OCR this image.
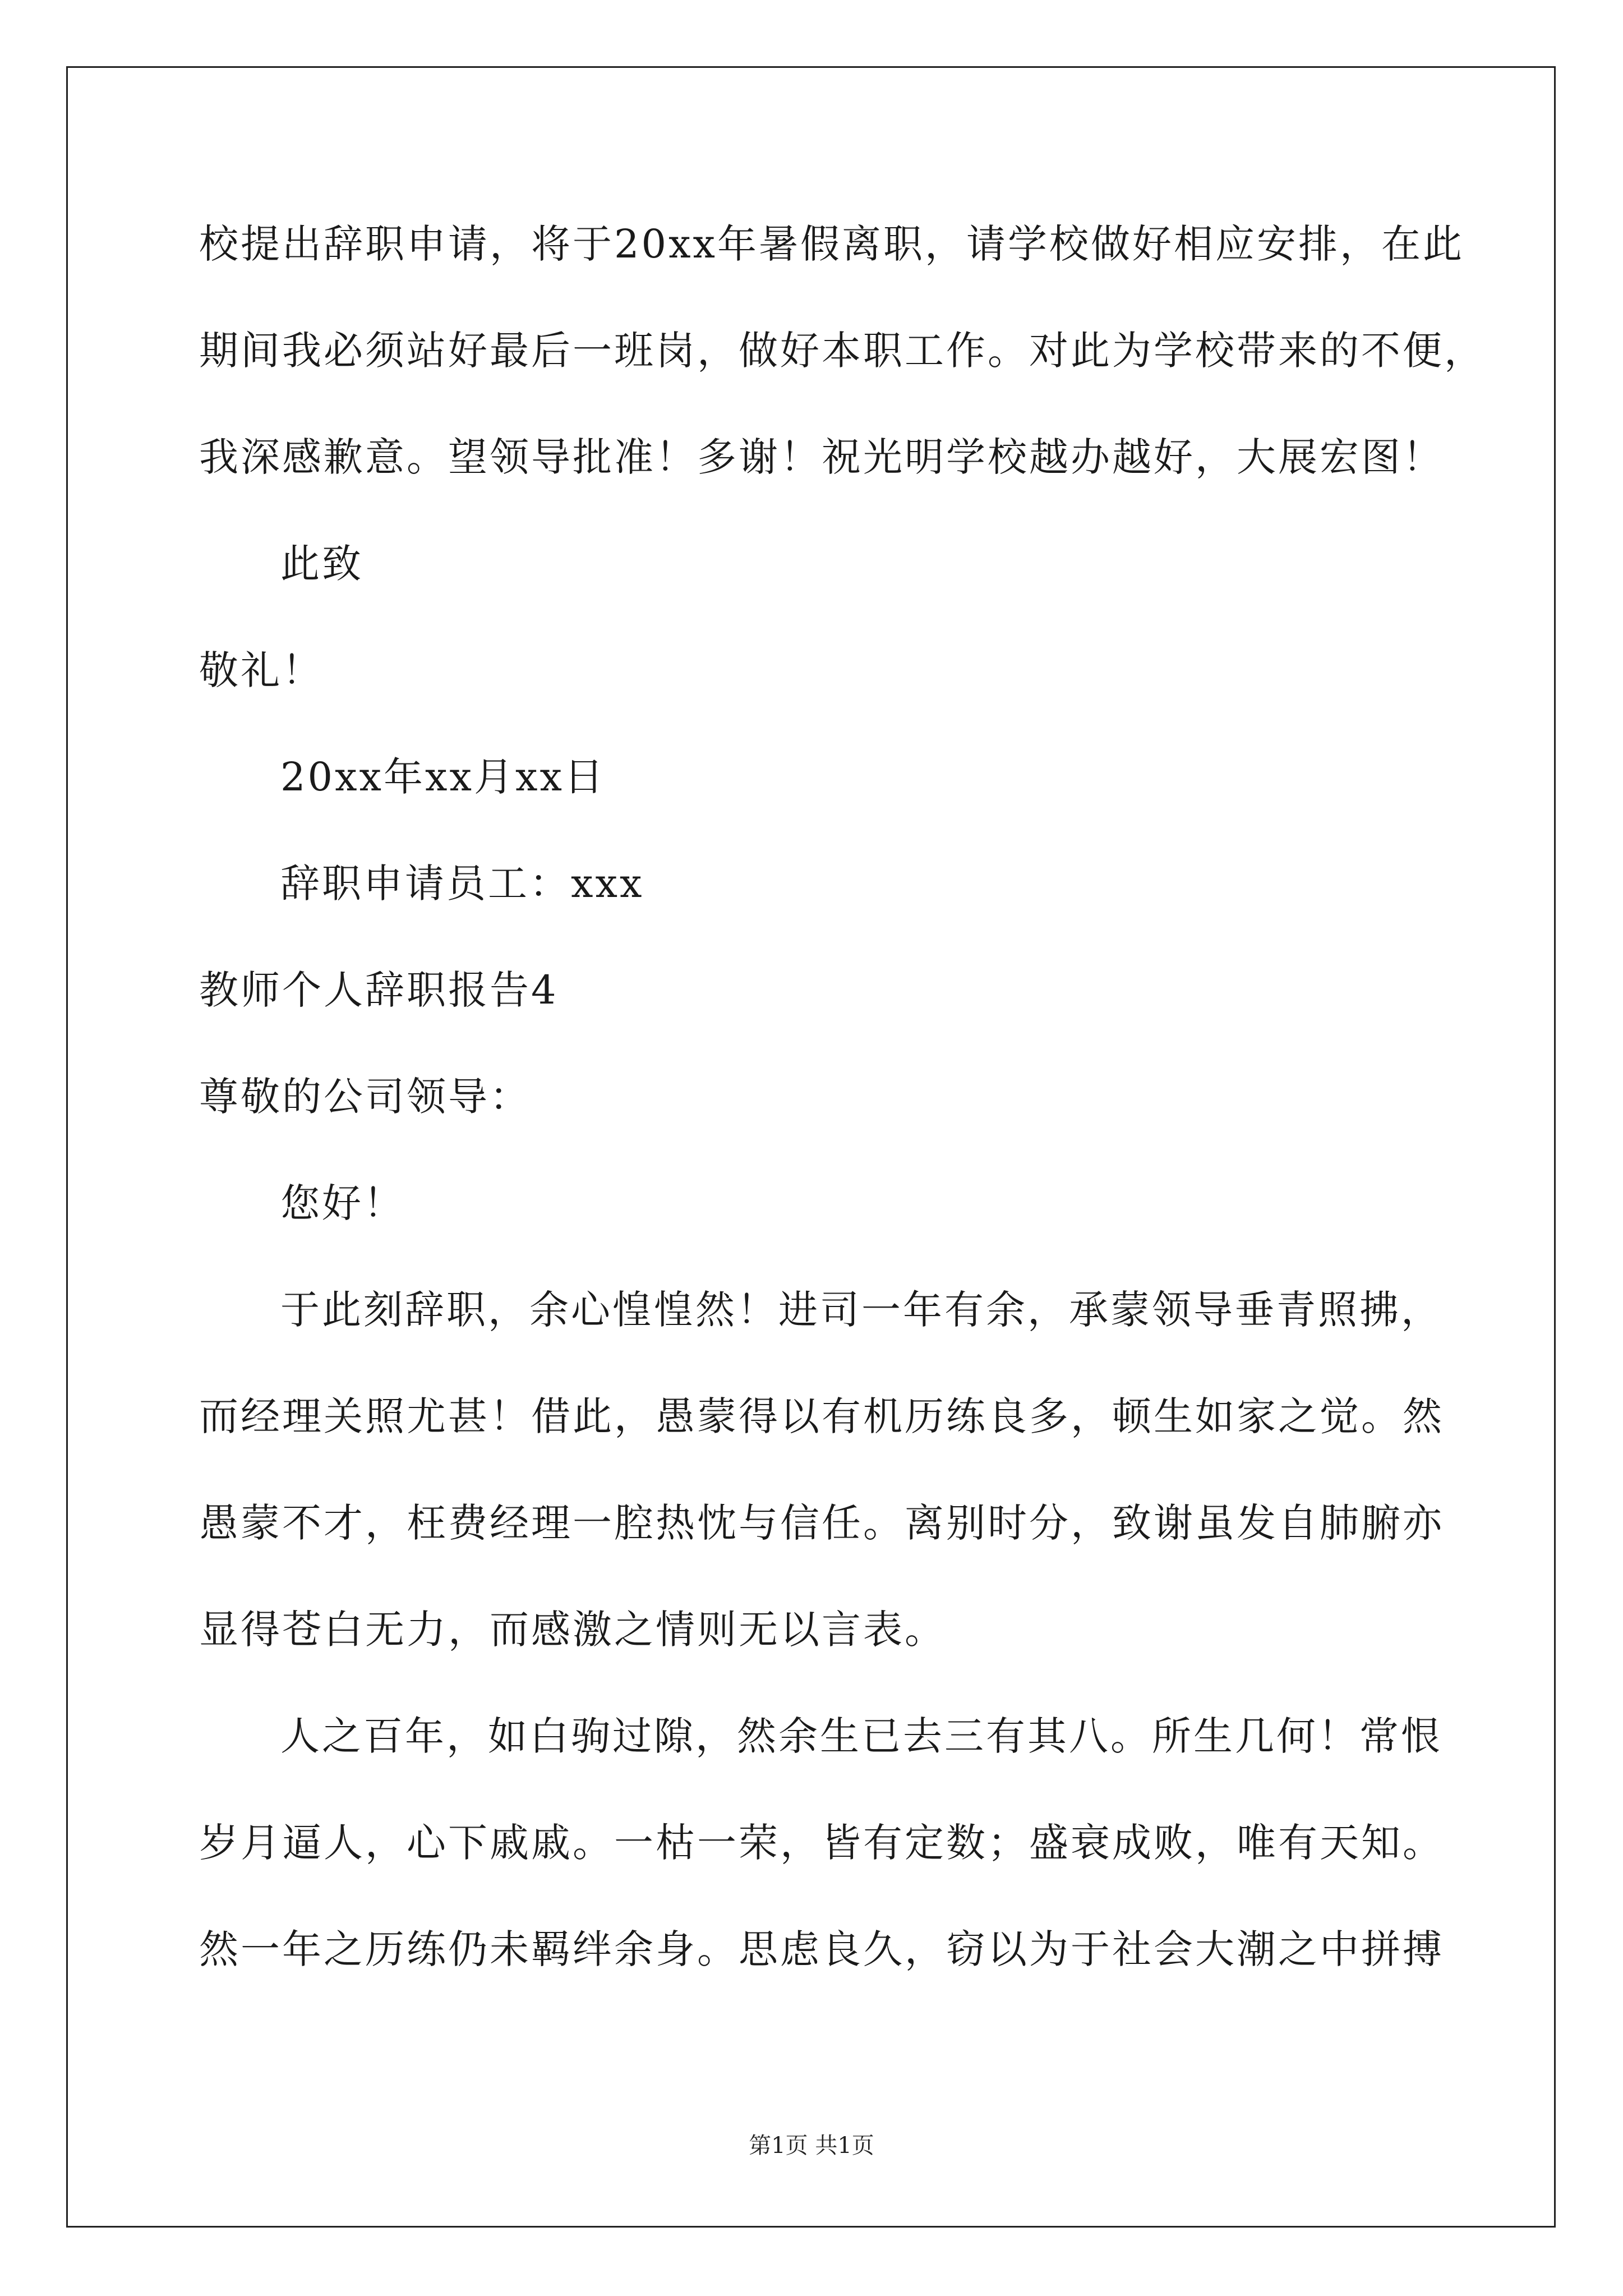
校提出辞职申请，将于20xx年暑假离职，请学校做好相应安排，在此
期间我必须站好最后一班岗，做好本职工作。对此为学校带来的不便，
我深感歉意。望领导批准！多谢！祝光明学校越办越好，大展宏图！
此致
敬礼！
20xx年xx月xx日
辞职申请员工：xxx
教师个人辞职报告4
尊敬的公司领导：
您好！
于此刻辞职，余心惶惶然！进司一年有余，承蒙领导垂青照拂，
而经理关照尤甚！借此，愚蒙得以有机历练良多，顿生如家之觉。然
愚蒙不才，枉费经理一腔热忱与信任。离别时分，致谢虽发自肺腑亦
显得苍白无力，而感激之情则无以言表。
人之百年，如白驹过隙，然余生已去三有其八。所生几何！常恨
岁月逼人，心下戚戚。一枯一荣，皆有定数；盛衰成败，唯有天知。
然一年之历练仍未羁绊余身。思虑良久，窃以为于社会大潮之中拼搏
第1页 共1页
